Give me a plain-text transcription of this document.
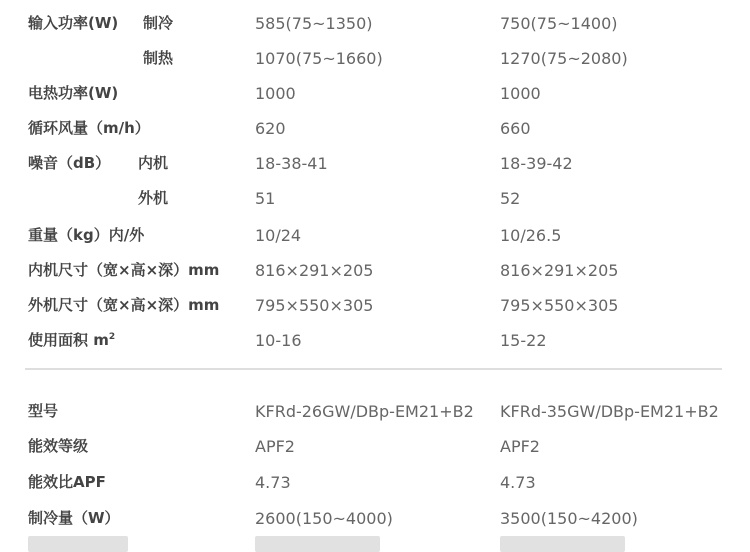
输入功率(W) 制冷	585(75~1350)	750(75~1400)
制热	1070(75~1660)	1270(75~2080)
电热功率(W)	1000	1000
循环风量（m/h）	620	660
噪音（dB） 内机	18-38-41	18-39-42
外机	51	52
重量（kg）内/外	10/24	10/26.5
内机尺寸（宽×高×深）mm 816×291×205	816×291×205
外机尺寸（宽×高×深）mm 795×550×305	795×550×305
使用面积 $m^2$	10-16	15-22
型号	KFRd-26GW/DBp-EM21+B2 KFRd-35GW/DBp-EM21+B2
能效等级	APF2	APF2
能效比APF	4.73	4.73
制冷量（W）	2600(150~4000)	3500(150~4200)
